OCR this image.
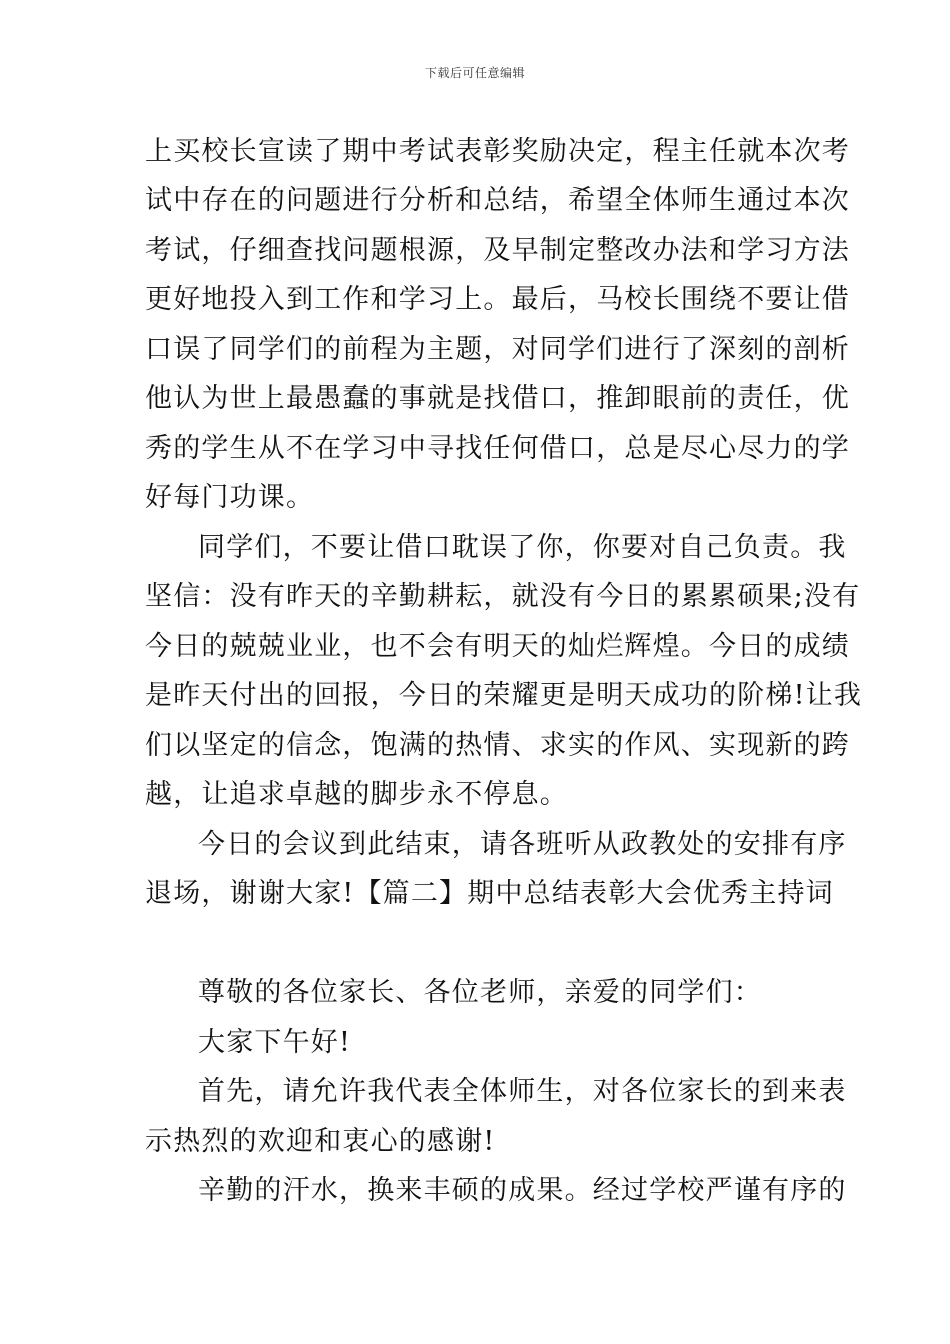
下载后可任意编辑
上买校长宣读了期中考试表彰奖励决定，程主任就本次考
试中存在的问题进行分析和总结，希望全体师生通过本次
考试，仔细查找问题根源，及早制定整改办法和学习方法
更好地投入到工作和学习上。最后，马校长围绕不要让借
口误了同学们的前程为主题，对同学们进行了深刻的剖析
他认为世上最愚蠢的事就是找借口，推卸眼前的责任，优
秀的学生从不在学习中寻找任何借口，总是尽心尽力的学
好每门功课。
同学们，不要让借口耽误了你，你要对自己负责。我
坚信：没有昨天的辛勤耕耘，就没有今日的累累硕果;没有
今日的兢兢业业，也不会有明天的灿烂辉煌。今日的成绩
是昨天付出的回报，今日的荣耀更是明天成功的阶梯!让我
们以坚定的信念，饱满的热情、求实的作风、实现新的跨
越，让追求卓越的脚步永不停息。
今日的会议到此结束，请各班听从政教处的安排有序
退场，谢谢大家!【篇二】期中总结表彰大会优秀主持词
尊敬的各位家长、各位老师，亲爱的同学们：
大家下午好!
首先，请允许我代表全体师生，对各位家长的到来表
示热烈的欢迎和衷心的感谢!
辛勤的汗水，换来丰硕的成果。经过学校严谨有序的
